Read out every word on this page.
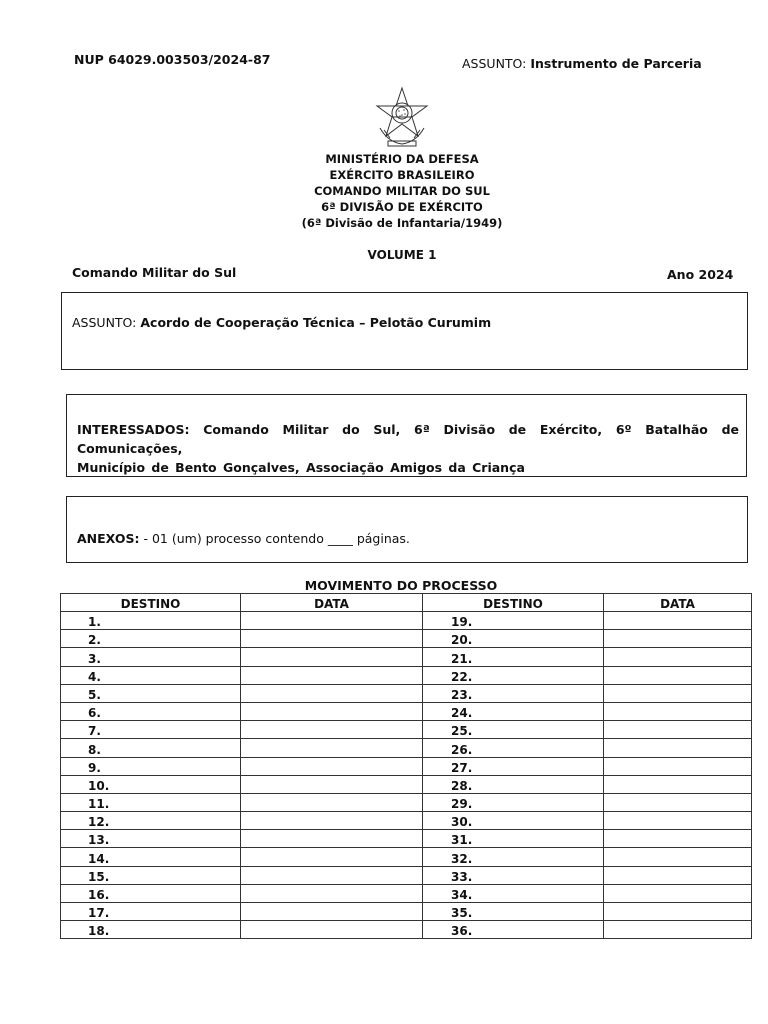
NUP 64029.003503/2024-87	ASSUNTO: Instrumento de Parceria
MINISTÉRIO DA DEFESA
EXÉRCITO BRASILEIRO
COMANDO MILITAR DO SUL
6ª DIVISÃO DE EXÉRCITO
(6ª Divisão de Infantaria/1949)
VOLUME 1
Comando Militar do Sul	Ano 2024
ASSUNTO: Acordo de Cooperação Técnica – Pelotão Curumim
INTERESSADOS: Comando Militar do Sul, 6ª Divisão de Exército, 6º Batalhão de Comunicações,
Município de Bento Gonçalves, Associação Amigos da Criança
ANEXOS: - 01 (um) processo contendo ____ páginas.
MOVIMENTO DO PROCESSO
DESTINO	DATA	DESTINO	DATA
1.		19.	
2.		20.	
3.		21.	
4.		22.	
5.		23.	
6.		24.	
7.		25.	
8.		26.	
9.		27.	
10.		28.	
11.		29.	
12.		30.	
13.		31.	
14.		32.	
15.		33.	
16.		34.	
17.		35.	
18.		36.	
